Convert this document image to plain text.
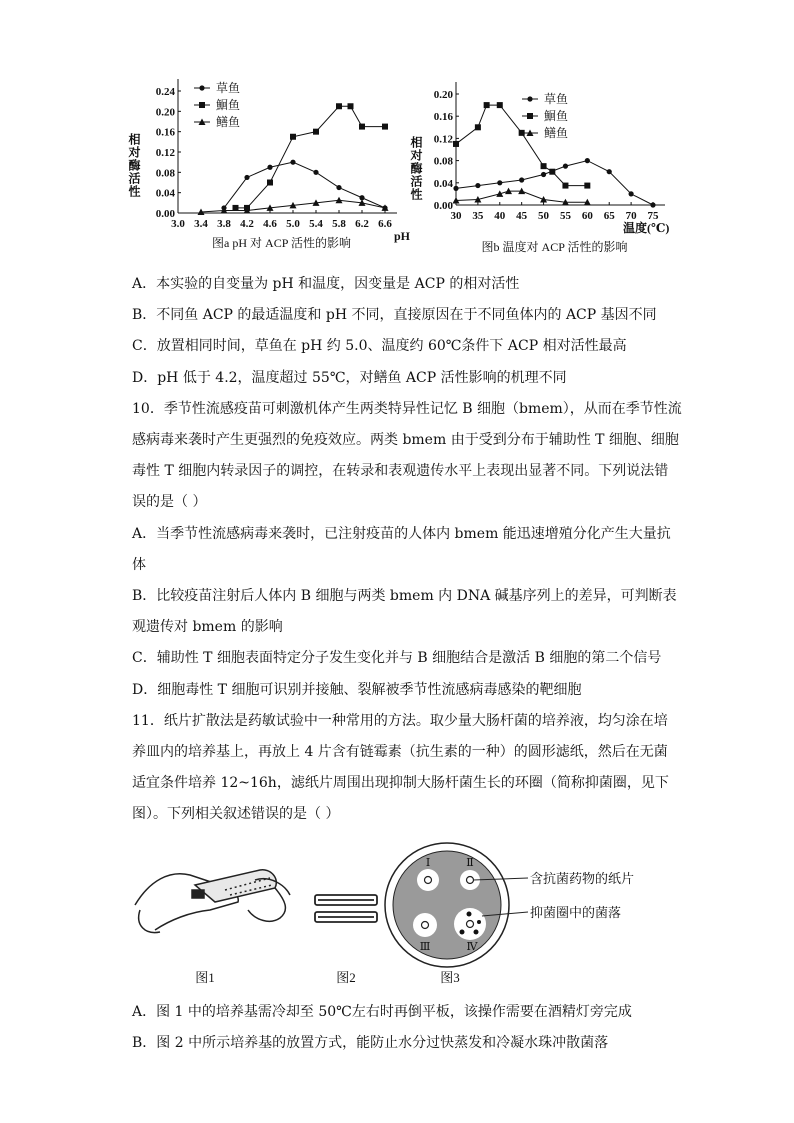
0.00
0.04
0.08
0.12
0.16
0.20
0.24
3.0 3.4 3.8 4.2 4.6 5.0 5.4 5.8 6.2 6.6
相对酶活性
pH
图a pH 对 ACP 活性的影响
草鱼
鮰鱼
鳝鱼
0.00
0.04
0.08
0.12
0.16
0.20
30 35 40 45 50 55 60 65 70 75
相对酶活性
温度(℃)
图b 温度对 ACP 活性的影响
草鱼
鮰鱼
鳝鱼
A．本实验的自变量为 pH 和温度，因变量是 ACP 的相对活性
B．不同鱼 ACP 的最适温度和 pH 不同，直接原因在于不同鱼体内的 ACP 基因不同
C．放置相同时间，草鱼在 pH 约 5.0、温度约 60℃条件下 ACP 相对活性最高
D．pH 低于 4.2，温度超过 55℃，对鳝鱼 ACP 活性影响的机理不同
10．季节性流感疫苗可刺激机体产生两类特异性记忆 B 细胞（bmem），从而在季节性流
感病毒来袭时产生更强烈的免疫效应。两类 bmem 由于受到分布于辅助性 T 细胞、细胞
毒性 T 细胞内转录因子的调控，在转录和表观遗传水平上表现出显著不同。下列说法错
误的是（ ）
A．当季节性流感病毒来袭时，已注射疫苗的人体内 bmem 能迅速增殖分化产生大量抗
体
B．比较疫苗注射后人体内 B 细胞与两类 bmem 内 DNA 碱基序列上的差异，可判断表
观遗传对 bmem 的影响
C．辅助性 T 细胞表面特定分子发生变化并与 B 细胞结合是激活 B 细胞的第二个信号
D．细胞毒性 T 细胞可识别并接触、裂解被季节性流感病毒感染的靶细胞
11．纸片扩散法是药敏试验中一种常用的方法。取少量大肠杆菌的培养液，均匀涂在培
养皿内的培养基上，再放上 4 片含有链霉素（抗生素的一种）的圆形滤纸，然后在无菌
适宜条件培养 12~16h，滤纸片周围出现抑制大肠杆菌生长的环圈（简称抑菌圈，见下
图）。下列相关叙述错误的是（ ）
图1	图2
Ⅰ	Ⅱ
Ⅲ	Ⅳ
含抗菌药物的纸片
抑菌圈中的菌落
图3
A．图 1 中的培养基需冷却至 50℃左右时再倒平板，该操作需要在酒精灯旁完成
B．图 2 中所示培养基的放置方式，能防止水分过快蒸发和冷凝水珠冲散菌落
